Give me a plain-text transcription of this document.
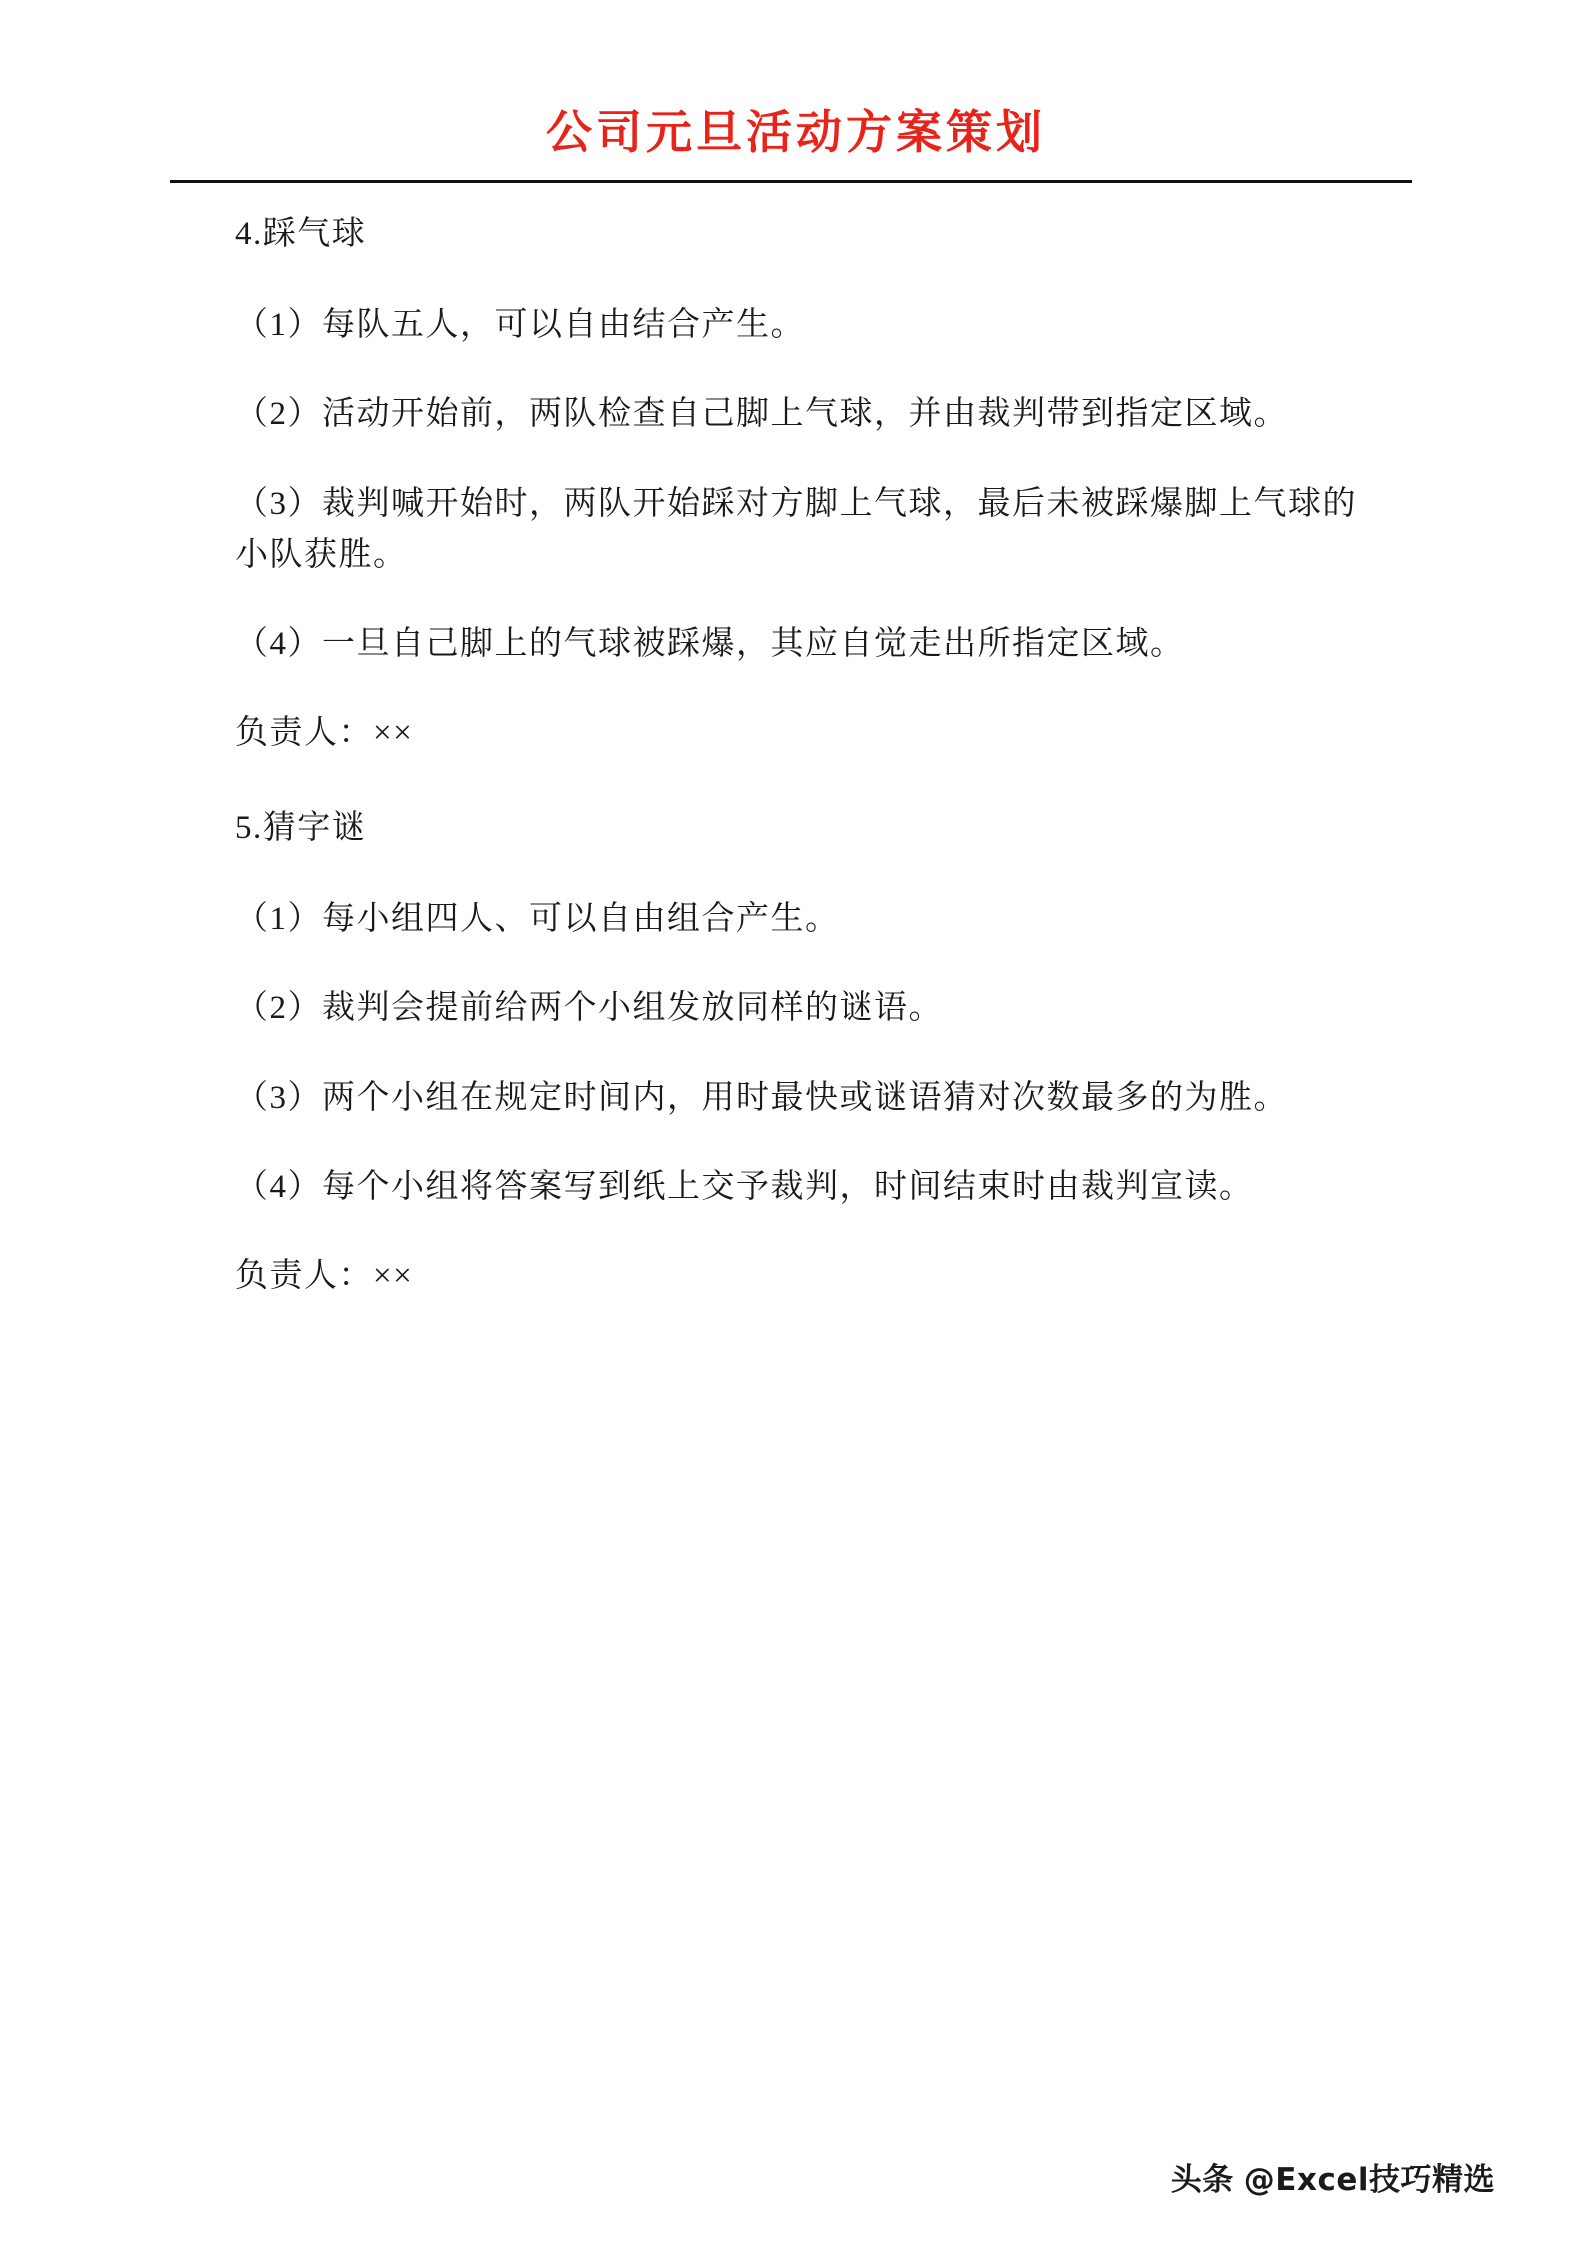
公司元旦活动方案策划

4.踩气球

（1）每队五人，可以自由结合产生。

（2）活动开始前，两队检查自己脚上气球，并由裁判带到指定区域。

（3）裁判喊开始时，两队开始踩对方脚上气球，最后未被踩爆脚上气球的小队获胜。

（4）一旦自己脚上的气球被踩爆，其应自觉走出所指定区域。

负责人：××

5.猜字谜

（1）每小组四人、可以自由组合产生。

（2）裁判会提前给两个小组发放同样的谜语。

（3）两个小组在规定时间内，用时最快或谜语猜对次数最多的为胜。

（4）每个小组将答案写到纸上交予裁判，时间结束时由裁判宣读。

负责人：××

头条 @Excel技巧精选
